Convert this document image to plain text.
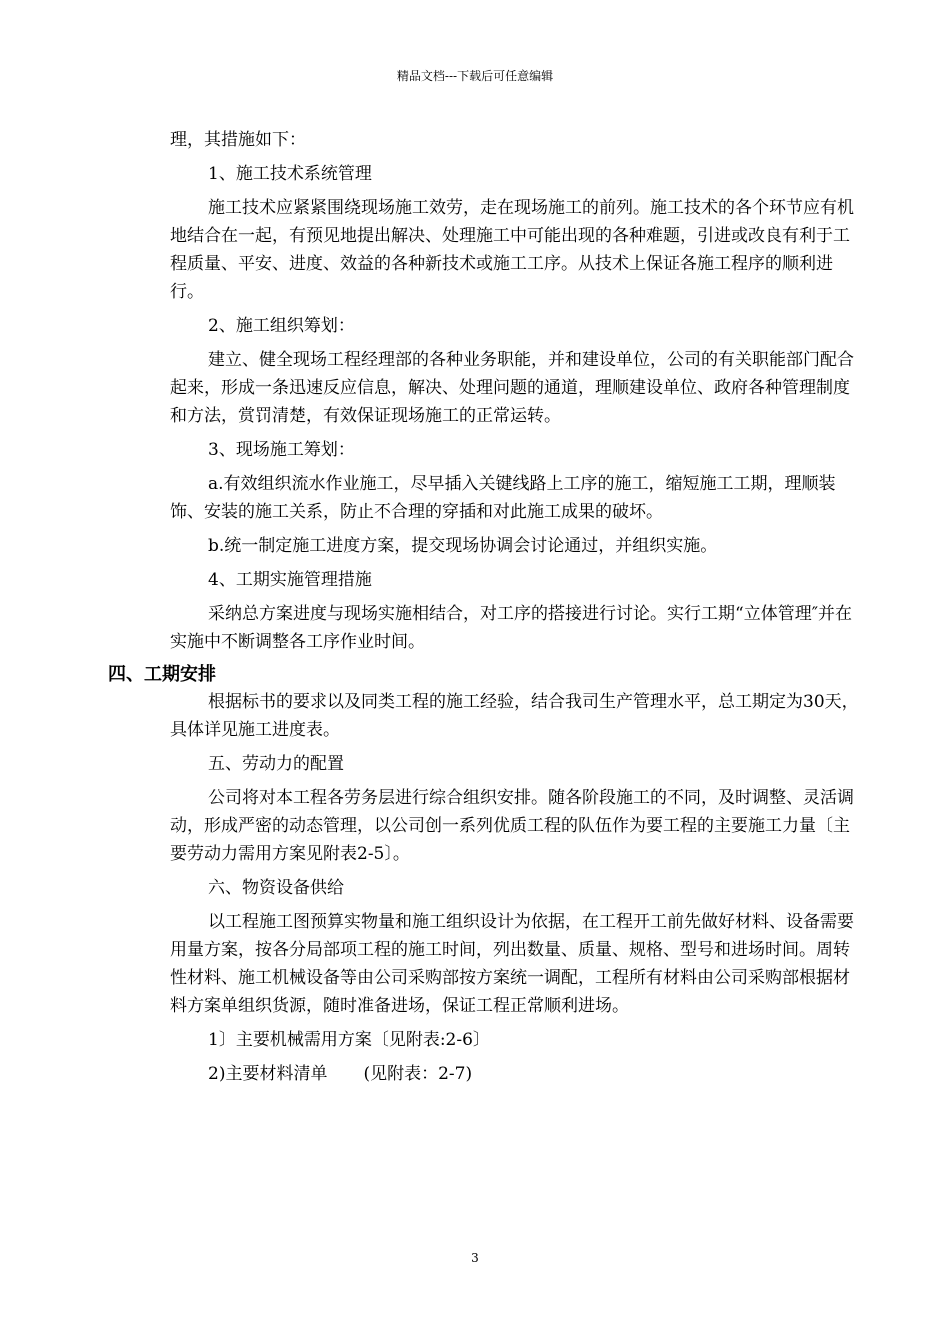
精品文档---下载后可任意编辑

理，其措施如下：

1、施工技术系统管理

施工技术应紧紧围绕现场施工效劳，走在现场施工的前列。施工技术的各个环节应有机地结合在一起，有预见地提出解决、处理施工中可能出现的各种难题，引进或改良有利于工程质量、平安、进度、效益的各种新技术或施工工序。从技术上保证各施工程序的顺利进行。

2、施工组织筹划：

建立、健全现场工程经理部的各种业务职能，并和建设单位，公司的有关职能部门配合起来，形成一条迅速反应信息，解决、处理问题的通道，理顺建设单位、政府各种管理制度和方法，赏罚清楚，有效保证现场施工的正常运转。

3、现场施工筹划：

a.有效组织流水作业施工，尽早插入关键线路上工序的施工，缩短施工工期，理顺装饰、安装的施工关系，防止不合理的穿插和对此施工成果的破坏。

b.统一制定施工进度方案，提交现场协调会讨论通过，并组织实施。

4、工期实施管理措施

采纳总方案进度与现场实施相结合，对工序的搭接进行讨论。实行工期“立体管理″并在实施中不断调整各工序作业时间。

四、工期安排

根据标书的要求以及同类工程的施工经验，结合我司生产管理水平，总工期定为30天，具体详见施工进度表。

五、劳动力的配置

公司将对本工程各劳务层进行综合组织安排。随各阶段施工的不同，及时调整、灵活调动，形成严密的动态管理，以公司创一系列优质工程的队伍作为要工程的主要施工力量〔主要劳动力需用方案见附表2-5〕。

六、物资设备供给

以工程施工图预算实物量和施工组织设计为依据，在工程开工前先做好材料、设备需要用量方案，按各分局部项工程的施工时间，列出数量、质量、规格、型号和进场时间。周转性材料、施工机械设备等由公司采购部按方案统一调配，工程所有材料由公司采购部根据材料方案单组织货源，随时准备进场，保证工程正常顺利进场。

1〕主要机械需用方案〔见附表:2-6〕

2)主要材料清单 (见附表：2-7)

3
